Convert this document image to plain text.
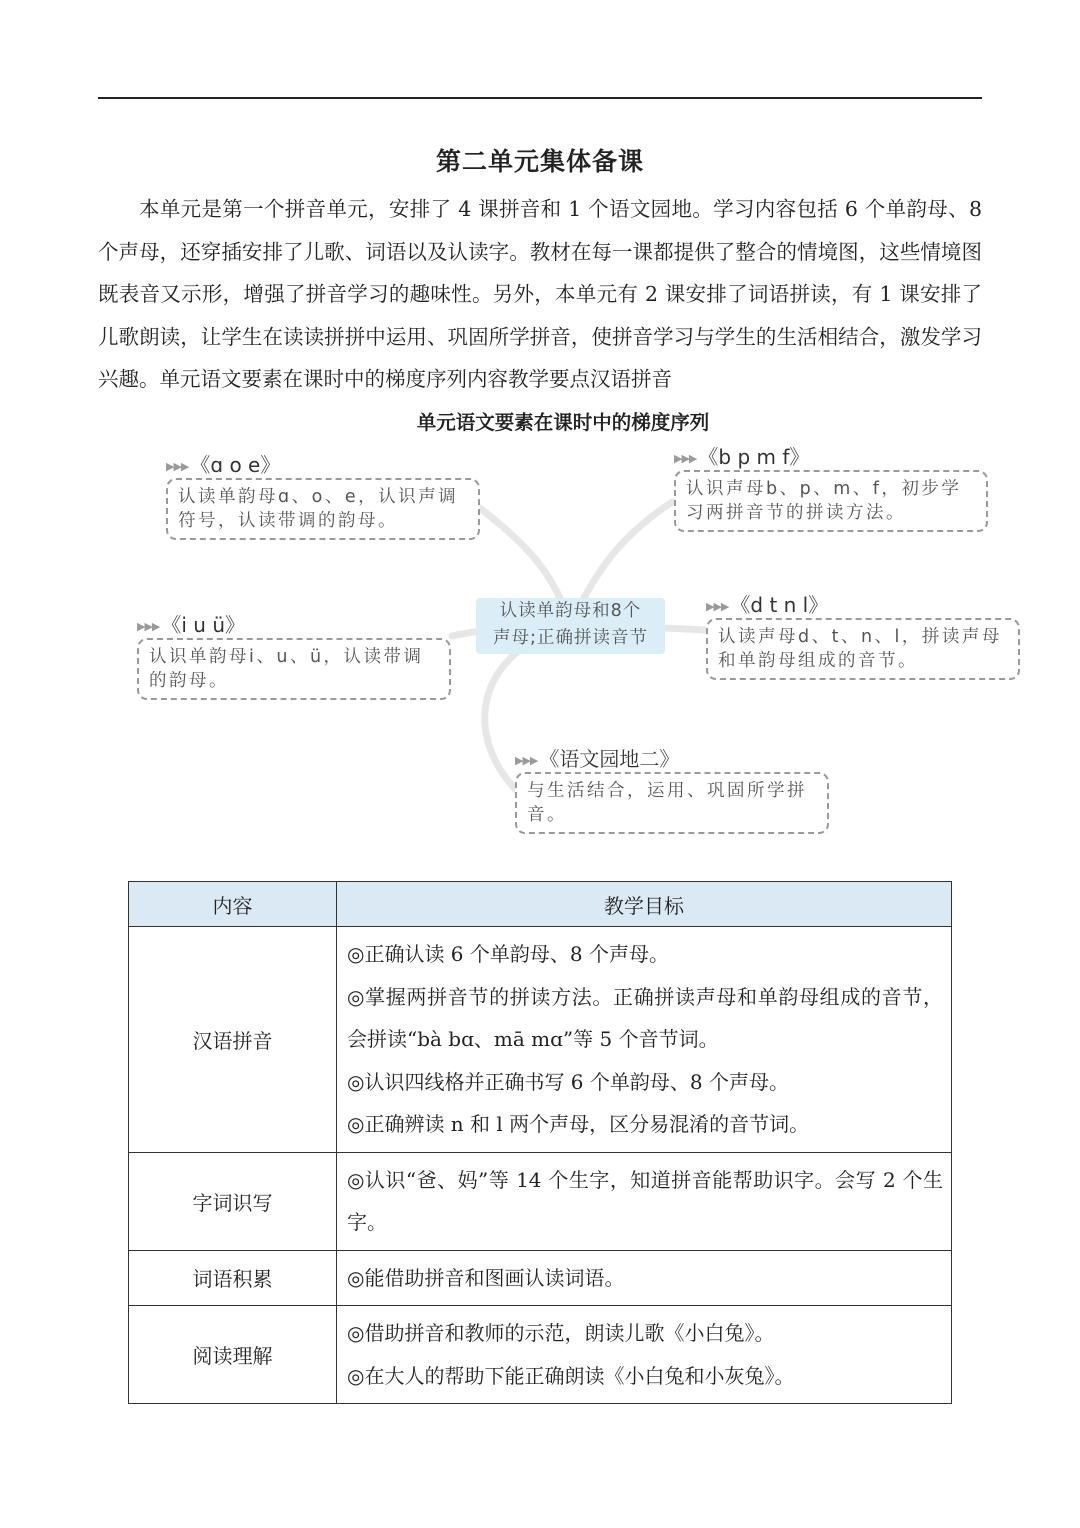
第二单元集体备课

本单元是第一个拼音单元，安排了 4 课拼音和 1 个语文园地。学习内容包括 6 个单韵母、8 个声母，还穿插安排了儿歌、词语以及认读字。教材在每一课都提供了整合的情境图，这些情境图既表音又示形，增强了拼音学习的趣味性。另外，本单元有 2 课安排了词语拼读，有 1 课安排了儿歌朗读，让学生在读读拼拼中运用、巩固所学拼音，使拼音学习与学生的生活相结合，激发学习兴趣。单元语文要素在课时中的梯度序列内容教学要点汉语拼音

单元语文要素在课时中的梯度序列
▶▶▶ 《ɑ o e》
认读单韵母ɑ、o、e，认识声调符号，认读带调的韵母。
▶▶▶ 《b p m f》
认识声母b、p、m、f，初步学习两拼音节的拼读方法。
▶▶▶ 《i u ü》
认识单韵母i、u、ü，认读带调的韵母。
▶▶▶ 《d t n l》
认读声母d、t、n、l，拼读声母和单韵母组成的音节。
▶▶▶ 《语文园地二》
与生活结合，运用、巩固所学拼音。
认读单韵母和8个
声母;正确拼读音节
内容	教学目标
汉语拼音	◎正确认读 6 个单韵母、8 个声母。

◎掌握两拼音节的拼读方法。正确拼读声母和单韵母组成的音节，会拼读“bà bɑ、mā mɑ”等 5 个音节词。

◎认识四线格并正确书写 6 个单韵母、8 个声母。

◎正确辨读 n 和 l 两个声母，区分易混淆的音节词。

字词识写	◎认识“爸、妈”等 14 个生字，知道拼音能帮助识字。会写 2 个生字。

词语积累	◎能借助拼音和图画认读词语。

阅读理解	◎借助拼音和教师的示范，朗读儿歌《小白兔》。

◎在大人的帮助下能正确朗读《小白兔和小灰兔》。
